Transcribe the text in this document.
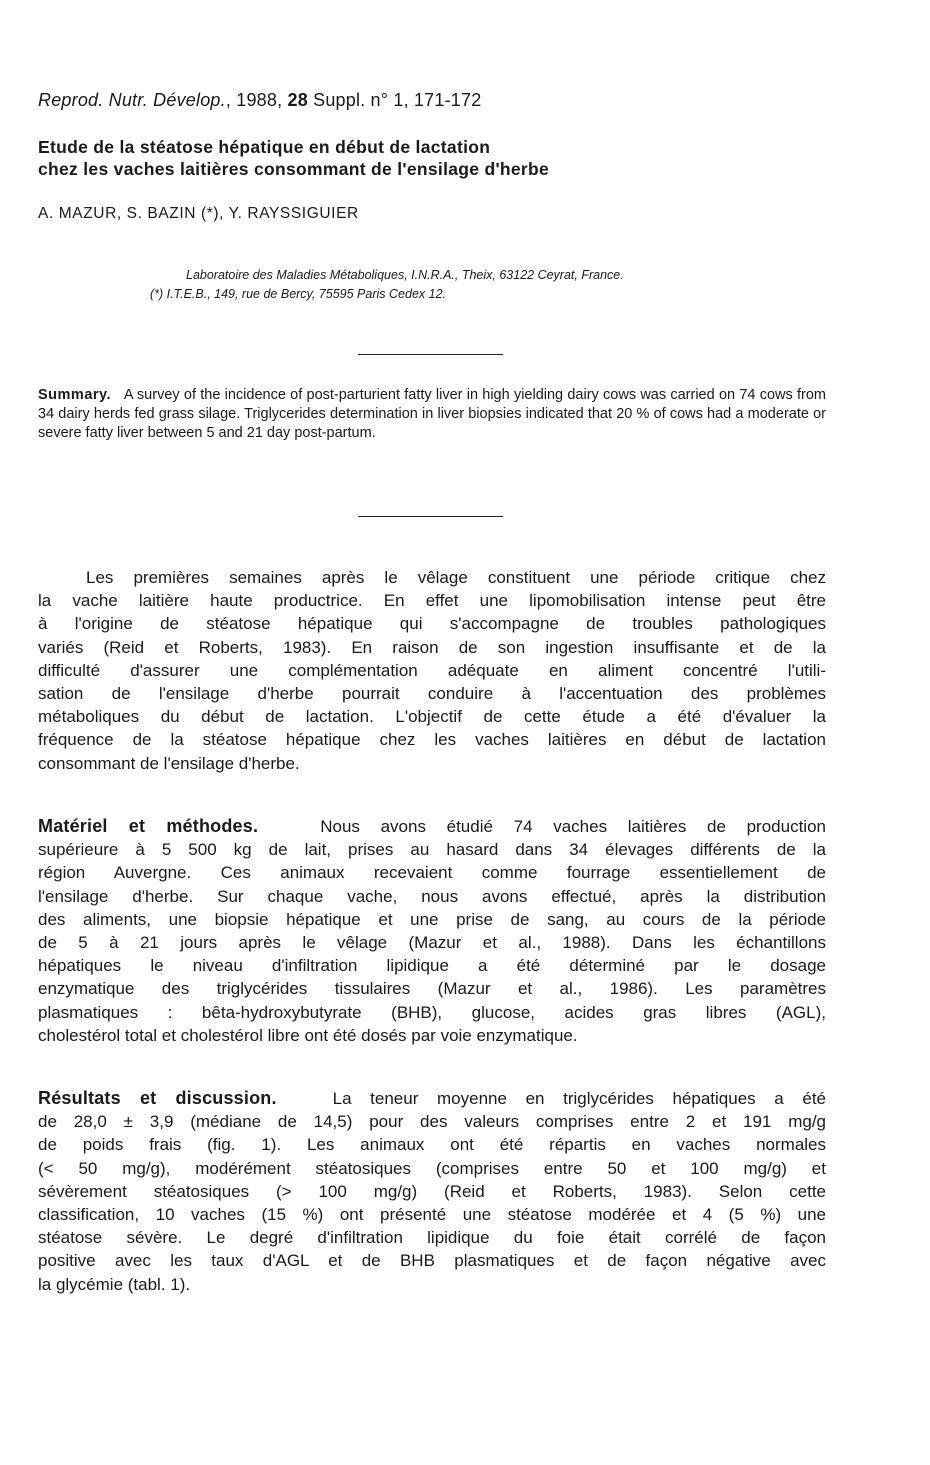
Reprod. Nutr. Dévelop., 1988, 28 Suppl. n° 1, 171-172
Etude de la stéatose hépatique en début de lactation
chez les vaches laitières consommant de l'ensilage d'herbe
A. MAZUR, S. BAZIN (*), Y. RAYSSIGUIER
Laboratoire des Maladies Métaboliques, I.N.R.A., Theix, 63122 Ceyrat, France.
(*) I.T.E.B., 149, rue de Bercy, 75595 Paris Cedex 12.
Summary. A survey of the incidence of post-parturient fatty liver in high yielding dairy cows was carried on 74 cows from 34 dairy herds fed grass silage. Triglycerides determination in liver biopsies indicated that 20 % of cows had a moderate or severe fatty liver between 5 and 21 day post-partum.
Les premières semaines après le vêlage constituent une période critique chez
la vache laitière haute productrice. En effet une lipomobilisation intense peut être
à l'origine de stéatose hépatique qui s'accompagne de troubles pathologiques
variés (Reid et Roberts, 1983). En raison de son ingestion insuffisante et de la
difficulté d'assurer une complémentation adéquate en aliment concentré l'utili-
sation de l'ensilage d'herbe pourrait conduire à l'accentuation des problèmes
métaboliques du début de lactation. L'objectif de cette étude a été d'évaluer la
fréquence de la stéatose hépatique chez les vaches laitières en début de lactation
consommant de l'ensilage d'herbe.
Matériel et méthodes.	Nous avons étudié 74 vaches laitières de production
supérieure à 5 500 kg de lait, prises au hasard dans 34 élevages différents de la
région Auvergne. Ces animaux recevaient comme fourrage essentiellement de
l'ensilage d'herbe. Sur chaque vache, nous avons effectué, après la distribution
des aliments, une biopsie hépatique et une prise de sang, au cours de la période
de 5 à 21 jours après le vêlage (Mazur et al., 1988). Dans les échantillons
hépatiques le niveau d'infiltration lipidique a été déterminé par le dosage
enzymatique des triglycérides tissulaires (Mazur et al., 1986). Les paramètres
plasmatiques : bêta-hydroxybutyrate (BHB), glucose, acides gras libres (AGL),
cholestérol total et cholestérol libre ont été dosés par voie enzymatique.
Résultats et discussion.	La teneur moyenne en triglycérides hépatiques a été
de 28,0 ± 3,9 (médiane de 14,5) pour des valeurs comprises entre 2 et 191 mg/g
de poids frais (fig. 1). Les animaux ont été répartis en vaches normales
(< 50 mg/g), modérément stéatosiques (comprises entre 50 et 100 mg/g) et
sévèrement stéatosiques (> 100 mg/g) (Reid et Roberts, 1983). Selon cette
classification, 10 vaches (15 %) ont présenté une stéatose modérée et 4 (5 %) une
stéatose sévère. Le degré d'infiltration lipidique du foie était corrélé de façon
positive avec les taux d'AGL et de BHB plasmatiques et de façon négative avec
la glycémie (tabl. 1).
